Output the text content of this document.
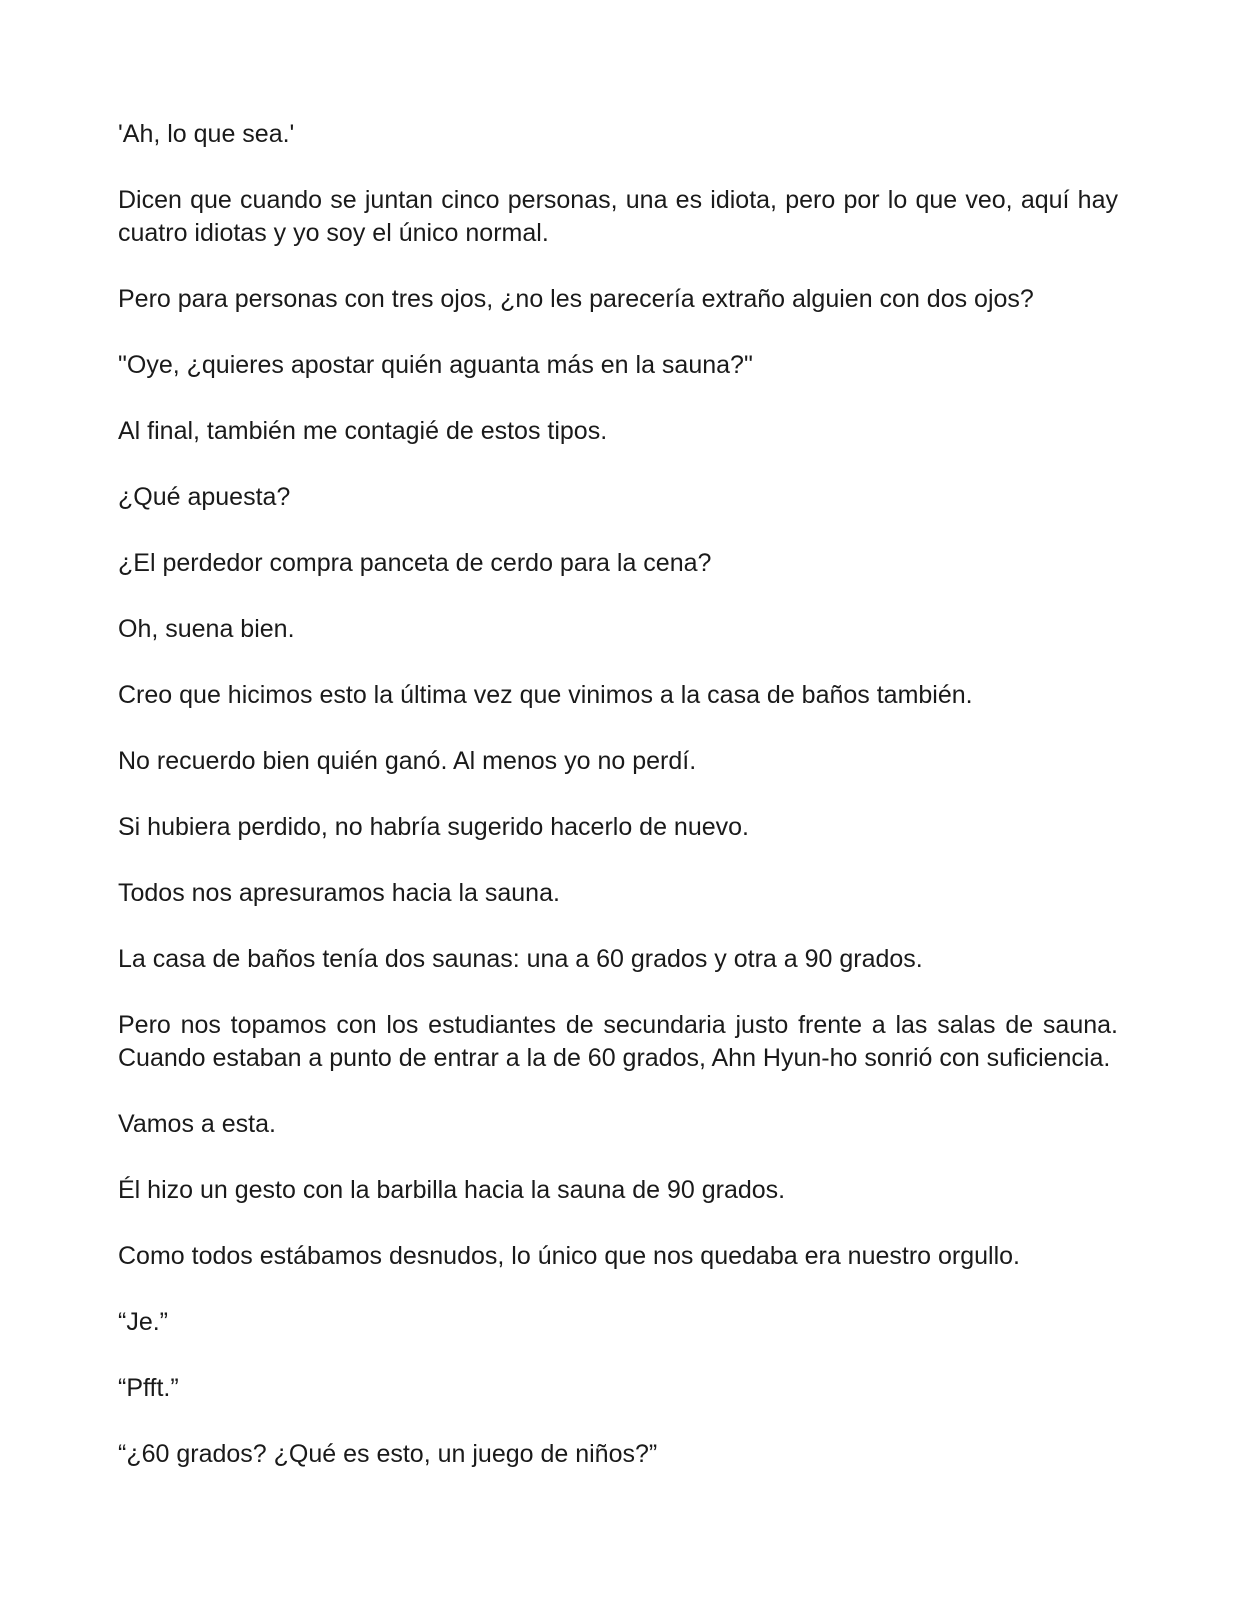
'Ah, lo que sea.'

Dicen que cuando se juntan cinco personas, una es idiota, pero por lo que veo, aquí hay cuatro idiotas y yo soy el único normal.

Pero para personas con tres ojos, ¿no les parecería extraño alguien con dos ojos?

"Oye, ¿quieres apostar quién aguanta más en la sauna?"

Al final, también me contagié de estos tipos.

¿Qué apuesta?

¿El perdedor compra panceta de cerdo para la cena?

Oh, suena bien.

Creo que hicimos esto la última vez que vinimos a la casa de baños también.

No recuerdo bien quién ganó. Al menos yo no perdí.

Si hubiera perdido, no habría sugerido hacerlo de nuevo.

Todos nos apresuramos hacia la sauna.

La casa de baños tenía dos saunas: una a 60 grados y otra a 90 grados.

Pero nos topamos con los estudiantes de secundaria justo frente a las salas de sauna. Cuando estaban a punto de entrar a la de 60 grados, Ahn Hyun-ho sonrió con suficiencia.

Vamos a esta.

Él hizo un gesto con la barbilla hacia la sauna de 90 grados.

Como todos estábamos desnudos, lo único que nos quedaba era nuestro orgullo.

“Je.”

“Pfft.”

“¿60 grados? ¿Qué es esto, un juego de niños?”
